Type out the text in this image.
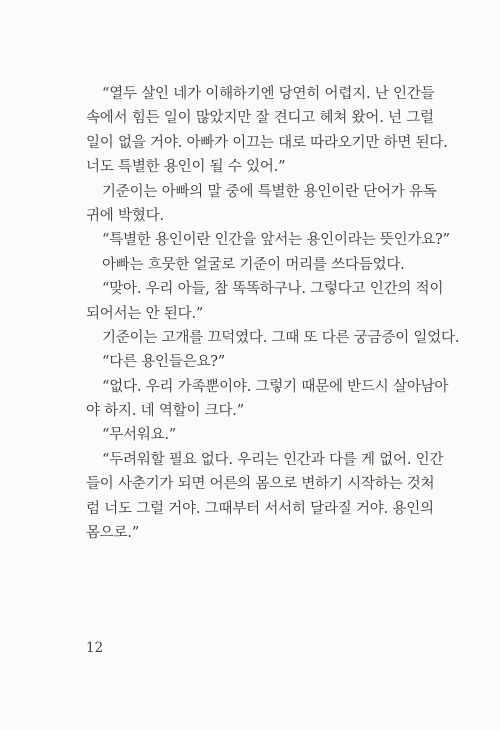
“열두 살인 네가 이해하기엔 당연히 어렵지. 난 인간들
속에서 힘든 일이 많았지만 잘 견디고 헤쳐 왔어. 넌 그럴
일이 없을 거야. 아빠가 이끄는 대로 따라오기만 하면 된다.
너도 특별한 용인이 될 수 있어.”
기준이는 아빠의 말 중에 특별한 용인이란 단어가 유독
귀에 박혔다.
“특별한 용인이란 인간을 앞서는 용인이라는 뜻인가요?”
아빠는 흐뭇한 얼굴로 기준이 머리를 쓰다듬었다.
“맞아. 우리 아들, 참 똑똑하구나. 그렇다고 인간의 적이
되어서는 안 된다.”
기준이는 고개를 끄덕였다. 그때 또 다른 궁금증이 일었다.
“다른 용인들은요?”
“없다. 우리 가족뿐이야. 그렇기 때문에 반드시 살아남아
야 하지. 네 역할이 크다.”
“무서워요.”
“두려워할 필요 없다. 우리는 인간과 다를 게 없어. 인간
들이 사춘기가 되면 어른의 몸으로 변하기 시작하는 것처
럼 너도 그럴 거야. 그때부터 서서히 달라질 거야. 용인의
몸으로.”
12
